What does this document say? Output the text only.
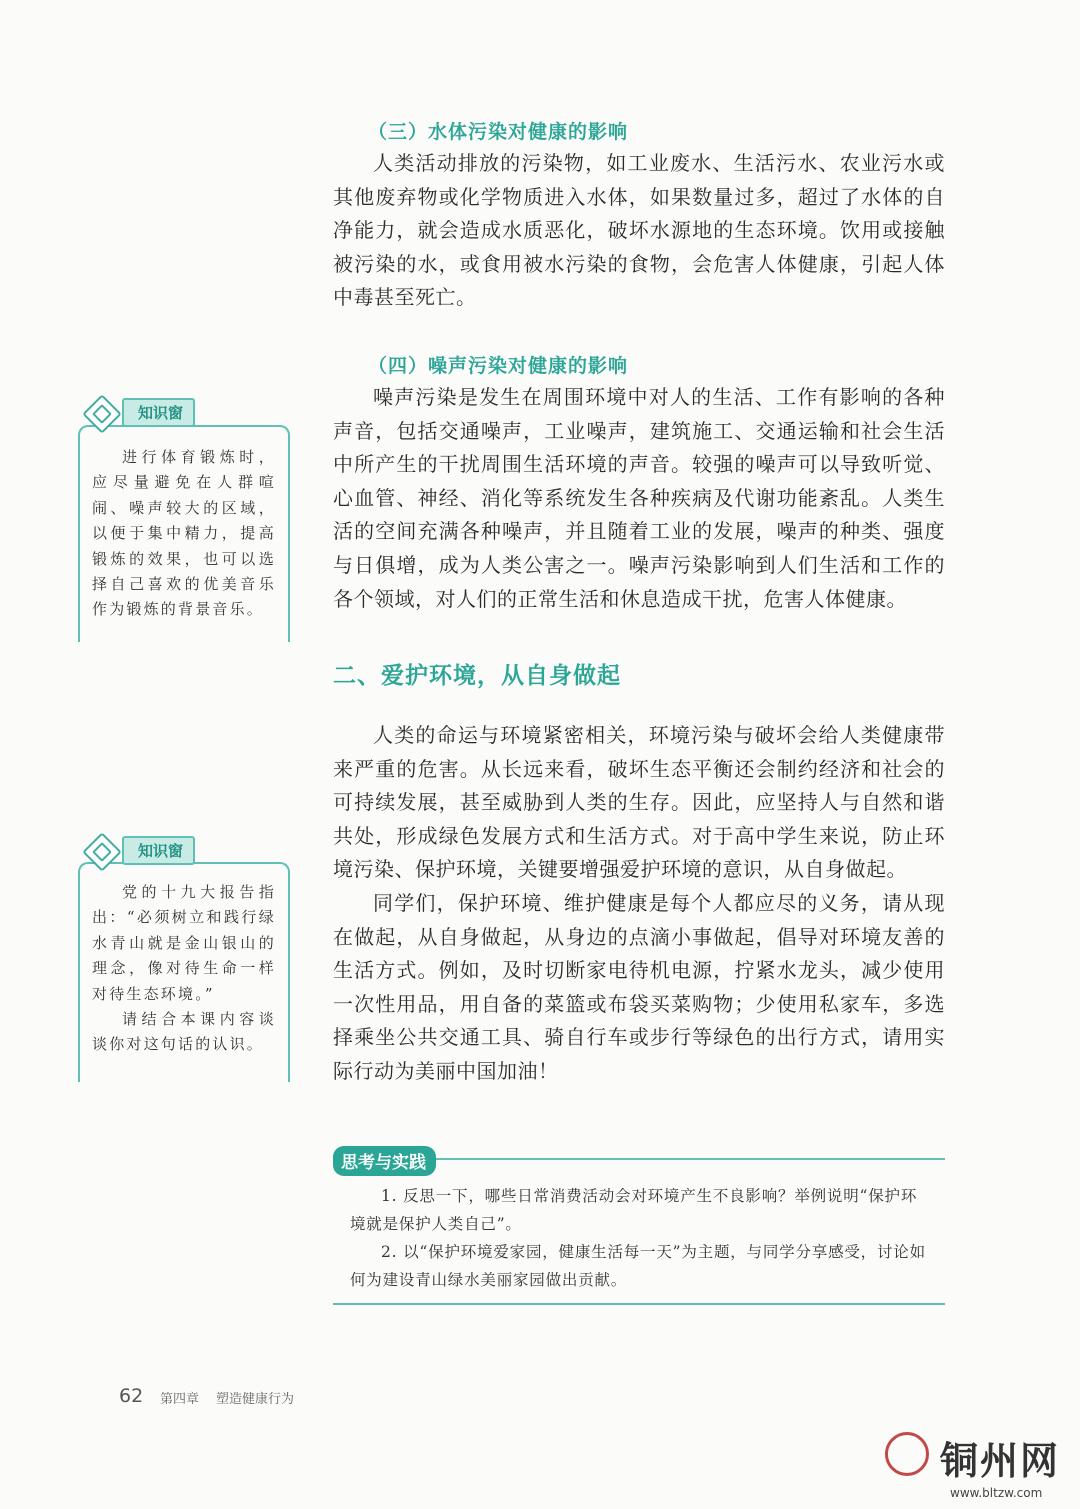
（三）水体污染对健康的影响

人类活动排放的污染物，如工业废水、生活污水、农业污水或其他废弃物或化学物质进入水体，如果数量过多，超过了水体的自净能力，就会造成水质恶化，破坏水源地的生态环境。饮用或接触被污染的水，或食用被水污染的食物，会危害人体健康，引起人体中毒甚至死亡。

（四）噪声污染对健康的影响

噪声污染是发生在周围环境中对人的生活、工作有影响的各种声音，包括交通噪声，工业噪声，建筑施工、交通运输和社会生活中所产生的干扰周围生活环境的声音。较强的噪声可以导致听觉、心血管、神经、消化等系统发生各种疾病及代谢功能紊乱。人类生活的空间充满各种噪声，并且随着工业的发展，噪声的种类、强度与日俱增，成为人类公害之一。噪声污染影响到人们生活和工作的各个领域，对人们的正常生活和休息造成干扰，危害人体健康。

进行体育锻炼时，应尽量避免在人群喧闹、噪声较大的区域，以便于集中精力，提高锻炼的效果，也可以选择自己喜欢的优美音乐作为锻炼的背景音乐。

知识窗
二、爱护环境，从自身做起

人类的命运与环境紧密相关，环境污染与破坏会给人类健康带来严重的危害。从长远来看，破坏生态平衡还会制约经济和社会的可持续发展，甚至威胁到人类的生存。因此，应坚持人与自然和谐共处，形成绿色发展方式和生活方式。对于高中学生来说，防止环境污染、保护环境，关键要增强爱护环境的意识，从自身做起。

同学们，保护环境、维护健康是每个人都应尽的义务，请从现在做起，从自身做起，从身边的点滴小事做起，倡导对环境友善的生活方式。例如，及时切断家电待机电源，拧紧水龙头，减少使用一次性用品，用自备的菜篮或布袋买菜购物；少使用私家车，多选择乘坐公共交通工具、骑自行车或步行等绿色的出行方式，请用实际行动为美丽中国加油！

党的十九大报告指出：“必须树立和践行绿水青山就是金山银山的理念，像对待生命一样对待生态环境。”

请结合本课内容谈谈你对这句话的认识。

知识窗
思考与实践

1. 反思一下，哪些日常消费活动会对环境产生不良影响？举例说明“保护环境就是保护人类自己”。

2. 以“保护环境爱家园，健康生活每一天”为主题，与同学分享感受，讨论如何为建设青山绿水美丽家园做出贡献。

62 第四章 塑造健康行为
铜州网
www.bltzw.com
